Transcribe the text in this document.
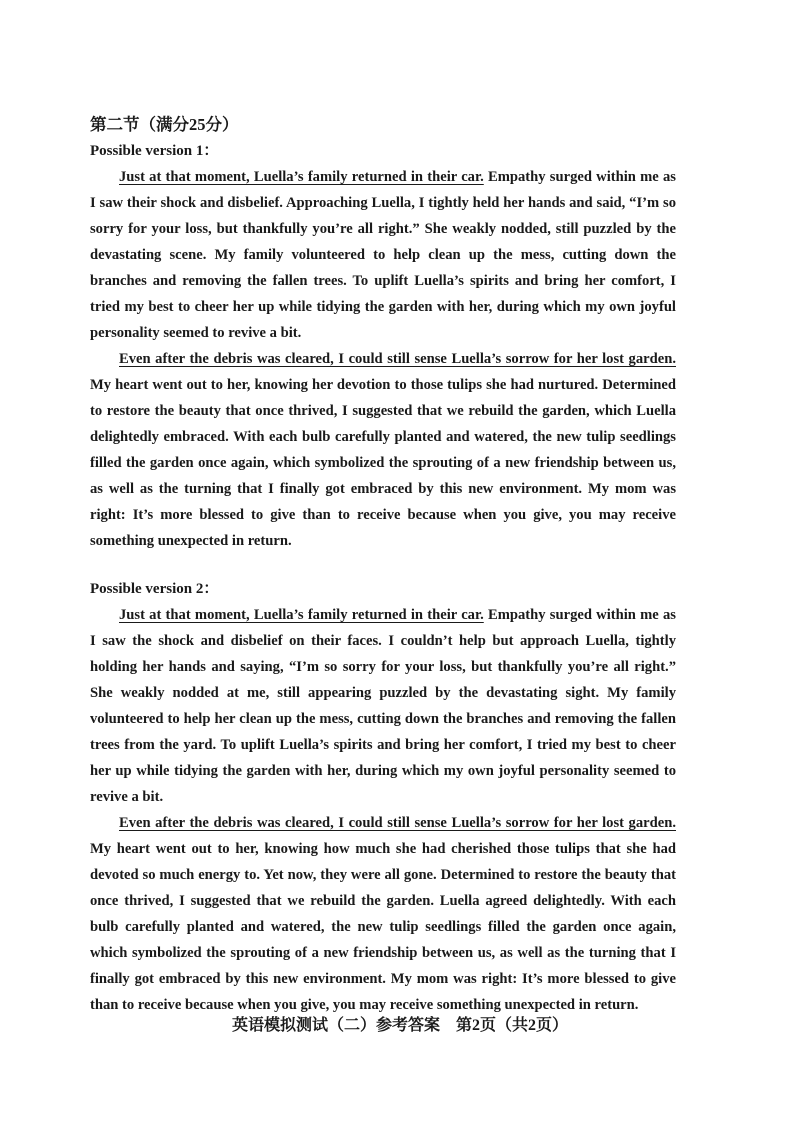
第二节（满分25分）

Possible version 1：

Just at that moment, Luella’s family returned in their car. Empathy surged within me as I saw their shock and disbelief. Approaching Luella, I tightly held her hands and said, “I’m so sorry for your loss, but thankfully you’re all right.” She weakly nodded, still puzzled by the devastating scene. My family volunteered to help clean up the mess, cutting down the branches and removing the fallen trees. To uplift Luella’s spirits and bring her comfort, I tried my best to cheer her up while tidying the garden with her, during which my own joyful personality seemed to revive a bit.

Even after the debris was cleared, I could still sense Luella’s sorrow for her lost garden. My heart went out to her, knowing her devotion to those tulips she had nurtured. Determined to restore the beauty that once thrived, I suggested that we rebuild the garden, which Luella delightedly embraced. With each bulb carefully planted and watered, the new tulip seedlings filled the garden once again, which symbolized the sprouting of a new friendship between us, as well as the turning that I finally got embraced by this new environment. My mom was right: It’s more blessed to give than to receive because when you give, you may receive something unexpected in return.

Possible version 2：

Just at that moment, Luella’s family returned in their car. Empathy surged within me as I saw the shock and disbelief on their faces. I couldn’t help but approach Luella, tightly holding her hands and saying, “I’m so sorry for your loss, but thankfully you’re all right.” She weakly nodded at me, still appearing puzzled by the devastating sight. My family volunteered to help her clean up the mess, cutting down the branches and removing the fallen trees from the yard. To uplift Luella’s spirits and bring her comfort, I tried my best to cheer her up while tidying the garden with her, during which my own joyful personality seemed to revive a bit.

Even after the debris was cleared, I could still sense Luella’s sorrow for her lost garden. My heart went out to her, knowing how much she had cherished those tulips that she had devoted so much energy to. Yet now, they were all gone. Determined to restore the beauty that once thrived, I suggested that we rebuild the garden. Luella agreed delightedly. With each bulb carefully planted and watered, the new tulip seedlings filled the garden once again, which symbolized the sprouting of a new friendship between us, as well as the turning that I finally got embraced by this new environment. My mom was right: It’s more blessed to give than to receive because when you give, you may receive something unexpected in return.

英语模拟测试（二）参考答案　第2页（共2页）
